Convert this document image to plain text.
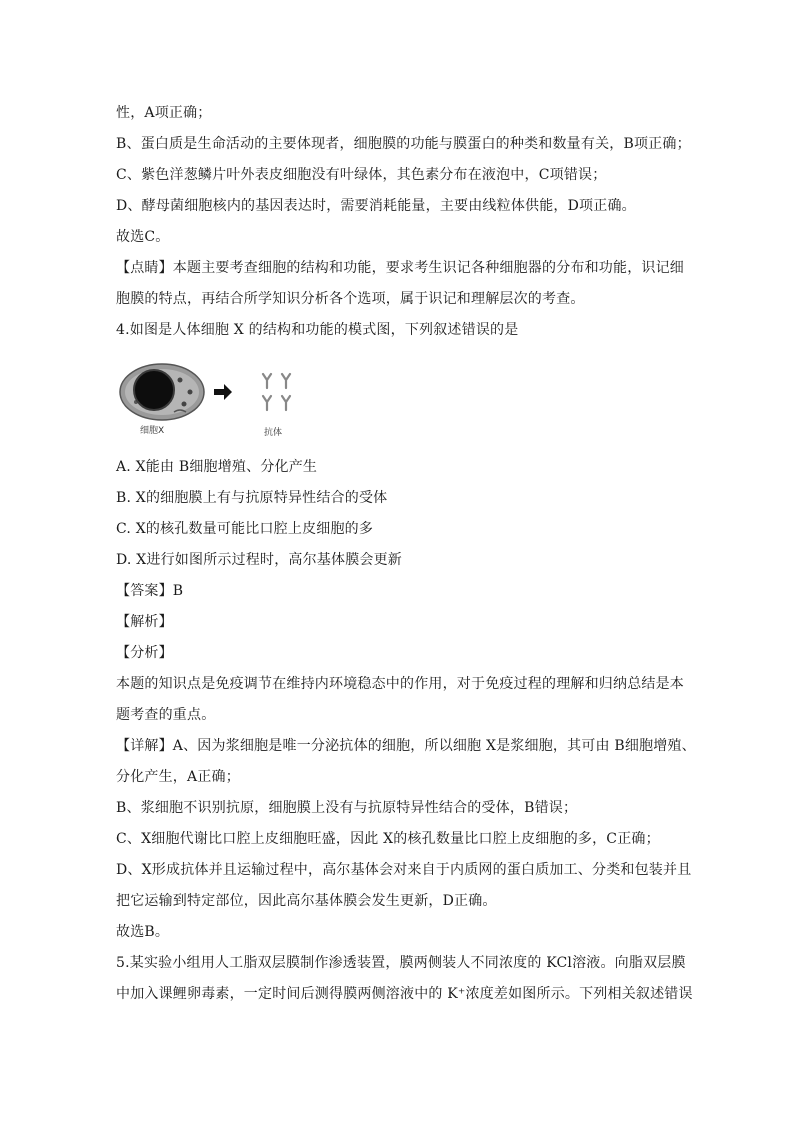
性，A项正确；
B、蛋白质是生命活动的主要体现者，细胞膜的功能与膜蛋白的种类和数量有关，B项正确；
C、紫色洋葱鳞片叶外表皮细胞没有叶绿体，其色素分布在液泡中，C项错误；
D、酵母菌细胞核内的基因表达时，需要消耗能量，主要由线粒体供能，D项正确。
故选C。
【点睛】本题主要考查细胞的结构和功能，要求考生识记各种细胞器的分布和功能，识记细
胞膜的特点，再结合所学知识分析各个选项，属于识记和理解层次的考查。
4.如图是人体细胞 X 的结构和功能的模式图，下列叙述错误的是
细胞X	抗体
A. X能由 B细胞增殖、分化产生
B. X的细胞膜上有与抗原特异性结合的受体
C. X的核孔数量可能比口腔上皮细胞的多
D. X进行如图所示过程时，高尔基体膜会更新
【答案】B
【解析】
【分析】
本题的知识点是免疫调节在维持内环境稳态中的作用，对于免疫过程的理解和归纳总结是本
题考查的重点。
【详解】A、因为浆细胞是唯一分泌抗体的细胞，所以细胞 X是浆细胞，其可由 B细胞增殖、
分化产生，A正确；
B、浆细胞不识别抗原，细胞膜上没有与抗原特异性结合的受体，B错误；
C、X细胞代谢比口腔上皮细胞旺盛，因此 X的核孔数量比口腔上皮细胞的多，C正确；
D、X形成抗体并且运输过程中，高尔基体会对来自于内质网的蛋白质加工、分类和包装并且
把它运输到特定部位，因此高尔基体膜会发生更新，D正确。
故选B。
5.某实验小组用人工脂双层膜制作渗透装置，膜两侧装人不同浓度的 KCl溶液。向脂双层膜
中加入课鲤卵毒素，一定时间后测得膜两侧溶液中的 K⁺浓度差如图所示。下列相关叙述错误
